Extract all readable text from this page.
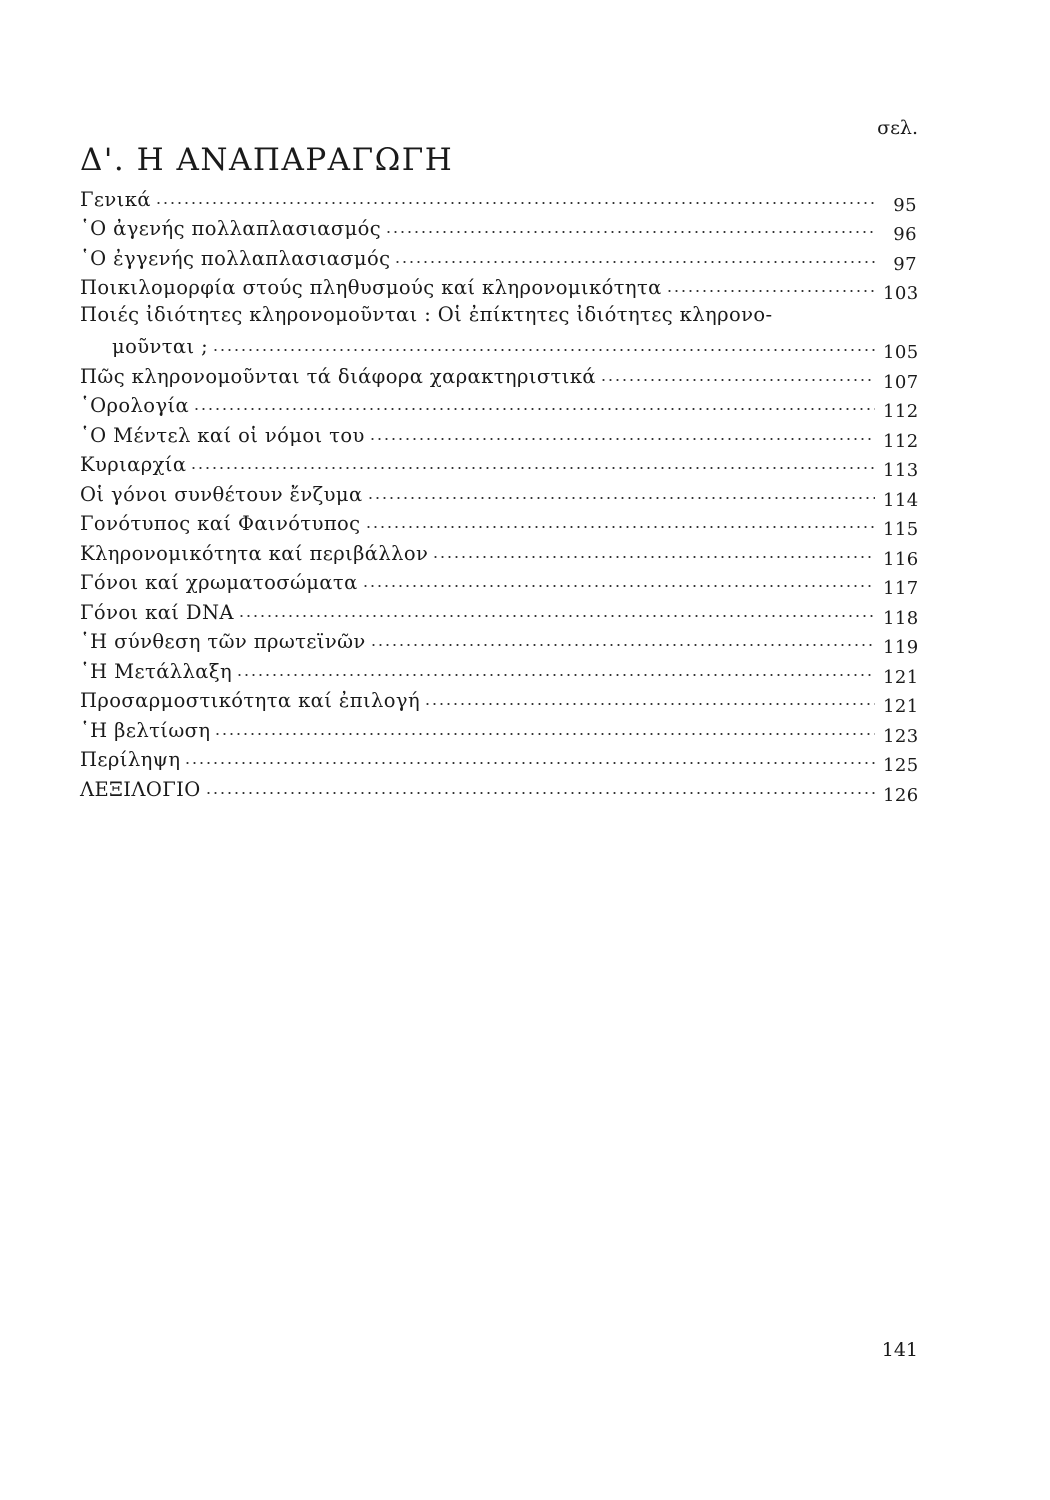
σελ.
Δ'. Η ΑΝΑΠΑΡΑΓΩΓΗ
Γενικά	95
῾Ο ἀγενής πολλαπλασιασμός	96
῾Ο ἐγγενής πολλαπλασιασμός	97
Ποικιλομορφία στούς πληθυσμούς καί κληρονομικότητα	103
Ποιές ἰδιότητες κληρονομοῦνται : Οἱ ἐπίκτητες ἰδιότητες κληρονο-
μοῦνται ;	105
Πῶς κληρονομοῦνται τά διάφορα χαρακτηριστικά	107
῾Ορολογία	112
῾Ο Μέντελ καί οἱ νόμοι του	112
Κυριαρχία	113
Οἱ γόνοι συνθέτουν ἔνζυμα	114
Γονότυπος καί Φαινότυπος	115
Κληρονομικότητα καί περιβάλλον	116
Γόνοι καί χρωματοσώματα	117
Γόνοι καί DNA	118
῾Η σύνθεση τῶν πρωτεϊνῶν	119
῾Η Μετάλλαξη	121
Προσαρμοστικότητα καί ἐπιλογή	121
῾Η βελτίωση	123
Περίληψη	125
ΛΕΞΙΛΟΓΙΟ	126
141
